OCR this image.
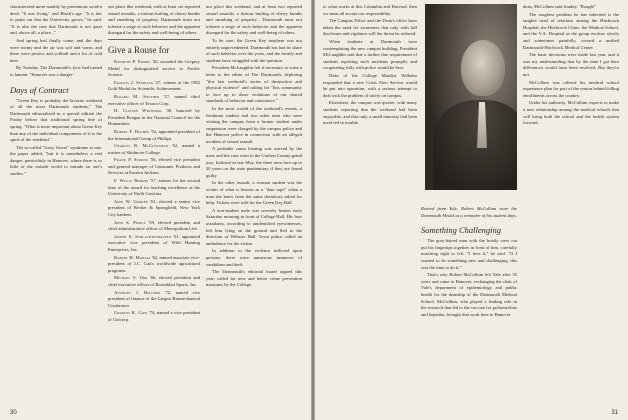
characterized more notably by pretentious word-a deed. "It was living," and Black's age. "It is fair to point out that the University grows," he said. "It is also the case that Dartmouth is not quiet and, above all, a place..."

And spring had finally come, and the days were roomy and the air was soft and warm, and there were picnics and softball and a lot of cold beer.

By Tuesday, The Dartmouth's lyric had turned to lament. "Hanover was a danger-

Days of Contract

"Green Key is probably the favorite weekend of all the most Dartmouth students," The Dartmouth editorialized in a special edition the Friday before that traditional spring fete of spring. "What is more important about Green Key than any of the individual components of it is the spirit of the weekend."

The so-called "Ivory Tower" syndrome is one, the paper added, "but it is nonetheless a real danger, particularly in Hanover, where there is so little of the outside world to intrude on one's studies."

our place this weekend, with at least six reported sexual assaults, a furious hurling of cherry bombs and smashing of property. Dartmouth must not tolerate a seige of such behavior and the apparent disregard for the safety and well-being of others.

Give a Rouse for

Kenneth P. Emory '20, awarded the Gregory Medal for distinguished service to Pacific Science.

Francis J. Sterling '27, winner of the 1982 Gold Medal for Scientific Achievement.

Roland M. Souther '17, named chief executive officer of Texaco Corp.

H. Clifton Whiteman '30, honored by President Reagan in the National Council for the Humanities.

Robert F. Holmes '52, appointed president of the International Group of Phillips.

Charles B. McClenahan '52, named a trustee of Skidmore College.

Frank P. Strong '56, elected vice president and general manager of Consumer Products and Services at Eastern Airlines.

F. Willis Rhodes '57, winner for the second time of the award for teaching excellence at the University of North Carolina.

John W. Gerken '61, elected a senior vice president of Becker & Springfield, New York City bankers.

John S. Pierce '59, elected president and chief administrative officer of Metropolitan Life.

Joseph S. Schlachtenhaufen '61, appointed executive vice president of Wild Hunting Enterprises, Inc.

Robert H. Mahaia '62, named associate vice-president of J.C. Gau's worldwide agricultural programs.

Michael S. Orr '66, elected president and chief executive officer of Rosenblatt Sports, Inc.

Anthony J. Belcher '72, named vice president of finance of the Largest Biomechanical Conference.

Charles K. Gow '74, named a vice president of Citicorp.

nor place this weekend, and at least two reported sexual assaults, a furious hurling of cherry bombs and smashing of property... Dartmouth must not tolerate a seige of such behavior and the apparent disregard for the safety and well-being of others.

To be sure, the Green Key mayhem was not entirely unprecedented. Dartmouth has had its share of such behavior over the years, and the faculty and students have struggled with the question.

President McLaughlin felt it necessary to write a letter to the editor of The Dartmouth, deploring "this last weekend's series of destruction and physical violence" and calling for "this community to face up to these violations of our shared standards of behavior and conscience."

In the most sordid of the weekend's events, a freshman student and two other men who were visiting the campus from a former student under suspension were charged by the campus police and the Hanover police in connection with an alleged incident of sexual assault.

A probable cause hearing was waived by the men, and the case went to the Grafton County grand jury. Indicted in late May, the three men face up to 20 years on the state penitentiary if they are found guilty.

In the other assault, a woman student was the victim of what is known as a "date rape" when a man she knew from the same dormitory asked for help. Tickets were sold for the Green Key Ball.

A non-student male was severely beaten early Saturday morning in front of College Hall. His four assailants, according to unidentified eyewitnesses, left him lying on the ground and fled to the direction of Webster Hall. Town police called an ambulance for the victim.

In addition to the violence inflicted upon persons, there were numerous instances of vandalism and theft.

The Dartmouth's editorial board argued this year, called for new and better crime prevention measures by the College.

30

to what works at this Columbia and Harvard, then we must all accept our responsibility.

The Campus Police and the Dean's office have taken the need for awareness that only with full disclosure and vigilance will the threat be reduced.

When students at Dartmouth were contemplating the new campus building, President McLaughlin said that a further fine requirement of students reporting such incidents promptly and cooperating fully with police would be best.

Dean of the College Marilyn Wilhelm responded that a new Crisis Alert Service would be put into operation, with a serious attempt to deal with the problem of safety on campus.

Elsewhere, the campus was quieter, with many students reporting that the weekend had been enjoyable, and that only a small minority had been involved in trouble.

Retired from Yale, Robert McCollum wore the Dartmouth Medal as a reminder of his student days.

Something Challenging

The gray-haired man with the bristly crew cut put his fingertips together in front of him, carefully matching right to left. "I love it," he said. "If I wanted to do something new and challenging, this was the time to do it."

That's why Robert McCollum left Yale after 35 years and came to Hanover, exchanging the chair of Yale's department of epidemiology and public health for the deanship of the Dartmouth Medical School. McCollum, who played a leading role in the research that led to the vaccine for poliomyelitis and hepatitis, brought that work here to Hanover.

dean, McCollum said frankly, "Rough!"

The toughest problem he has inherited is the tangled triad of relations among the Hitchcock Hospital, the Hitchcock Clinic, the Medical School, and the V.A. Hospital as the group evolves slowly and sometimes painfully, toward a unified Dartmouth-Hitchcock Medical Center.

The basic decisions were made last year, and it was my understanding that by the time I got here differences would have been resolved. But they're not.

McCollum was offered his medical school experience plan for part of the reason behind falling enrollments across the country.

Under his authority, McCollum expects to make a new relationship among the medical schools that will bring both the school and the health system forward.

31
